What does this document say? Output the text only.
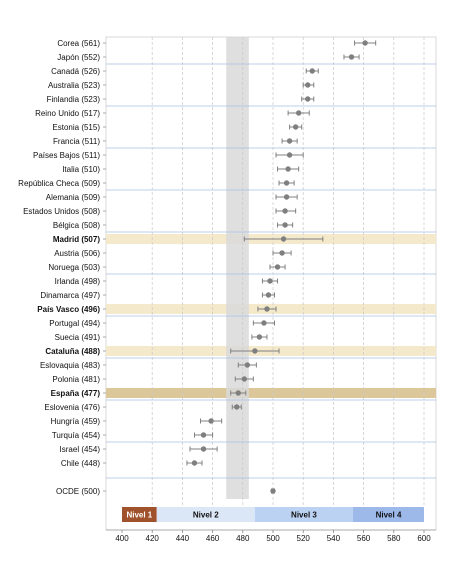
Corea (561)
Japón (552)
Canadá (526)
Australia (523)
Finlandia (523)
Reino Unido (517)
Estonia (515)
Francia (511)
Países Bajos (511)
Italia (510)
República Checa (509)
Alemania (509)
Estados Unidos (508)
Bélgica (508)
Madrid (507)
Austria (506)
Noruega (503)
Irlanda (498)
Dinamarca (497)
País Vasco (496)
Portugal (494)
Suecia (491)
Cataluña (488)
Eslovaquia (483)
Polonia (481)
España (477)
Eslovenia (476)
Hungría (459)
Turquía (454)
Israel (454)
Chile (448)
OCDE (500)
Nivel 1	Nivel 2	Nivel 3	Nivel 4
400 420 440 460 480 500 520 540 560 580 600
